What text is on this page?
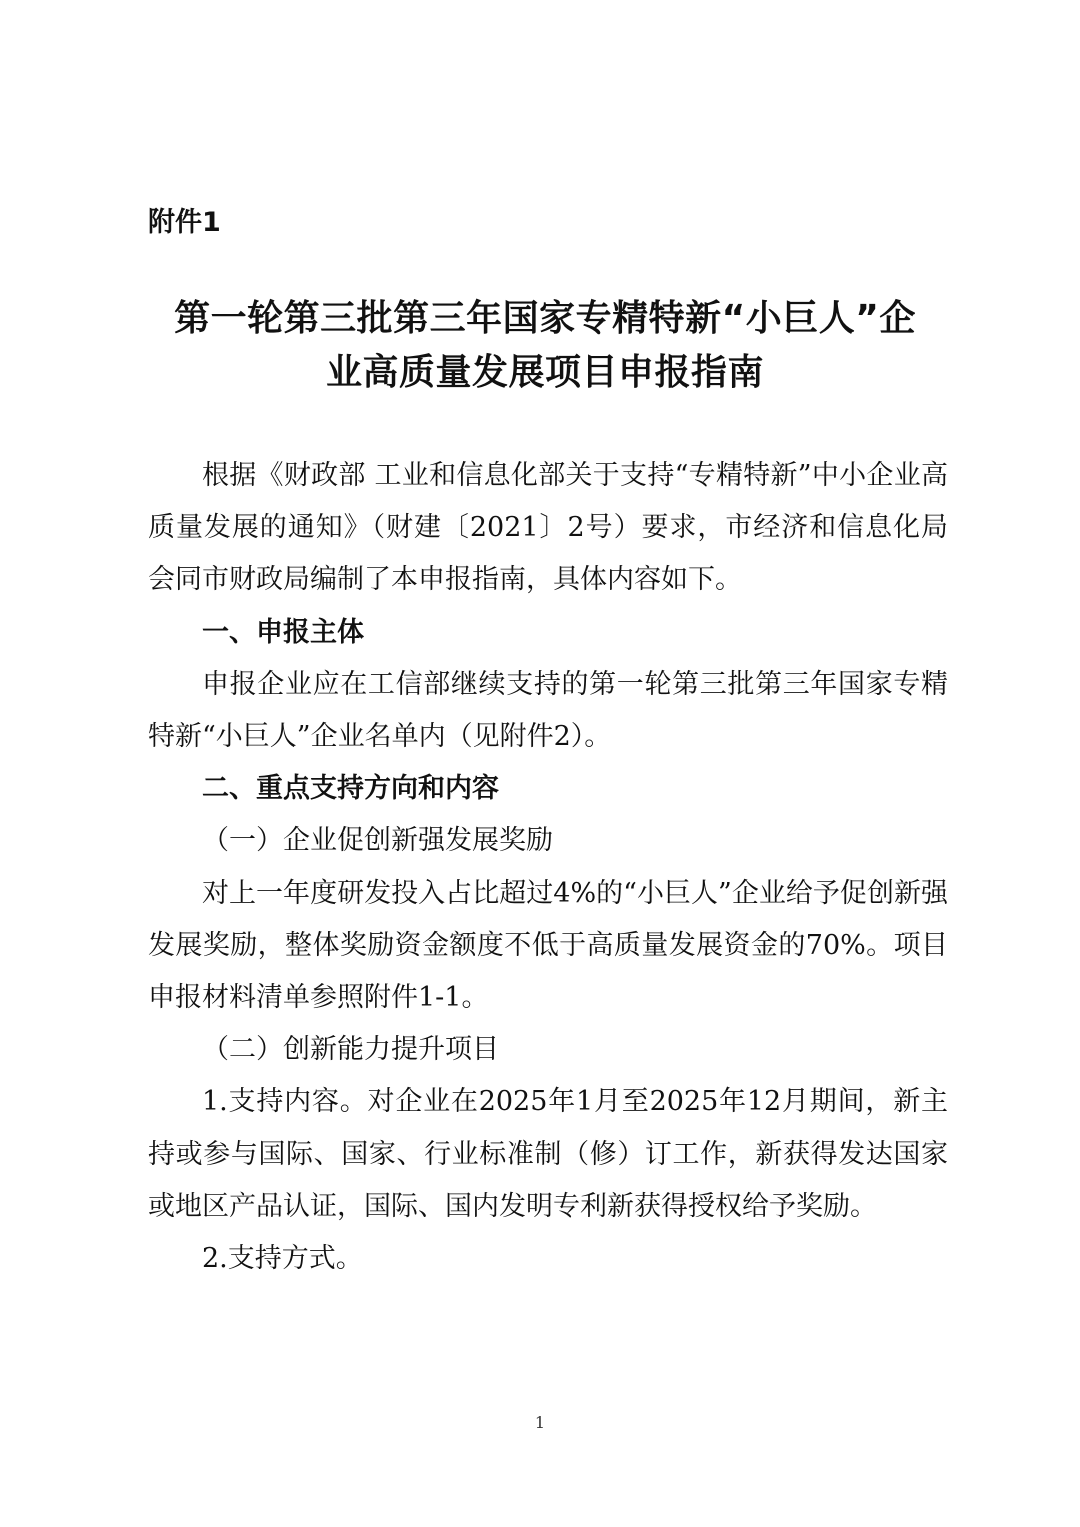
附件1
第一轮第三批第三年国家专精特新“小巨人”企
业高质量发展项目申报指南

根据《财政部 工业和信息化部关于支持“专精特新”中小企业高质量发展的通知》（财建〔2021〕2号）要求，市经济和信息化局会同市财政局编制了本申报指南，具体内容如下。

一、申报主体

申报企业应在工信部继续支持的第一轮第三批第三年国家专精特新“小巨人”企业名单内（见附件2）。

二、重点支持方向和内容

（一）企业促创新强发展奖励

对上一年度研发投入占比超过4%的“小巨人”企业给予促创新强发展奖励，整体奖励资金额度不低于高质量发展资金的70%。项目申报材料清单参照附件1-1。

（二）创新能力提升项目

1.支持内容。对企业在2025年1月至2025年12月期间，新主持或参与国际、国家、行业标准制（修）订工作，新获得发达国家或地区产品认证，国际、国内发明专利新获得授权给予奖励。

2.支持方式。

1
